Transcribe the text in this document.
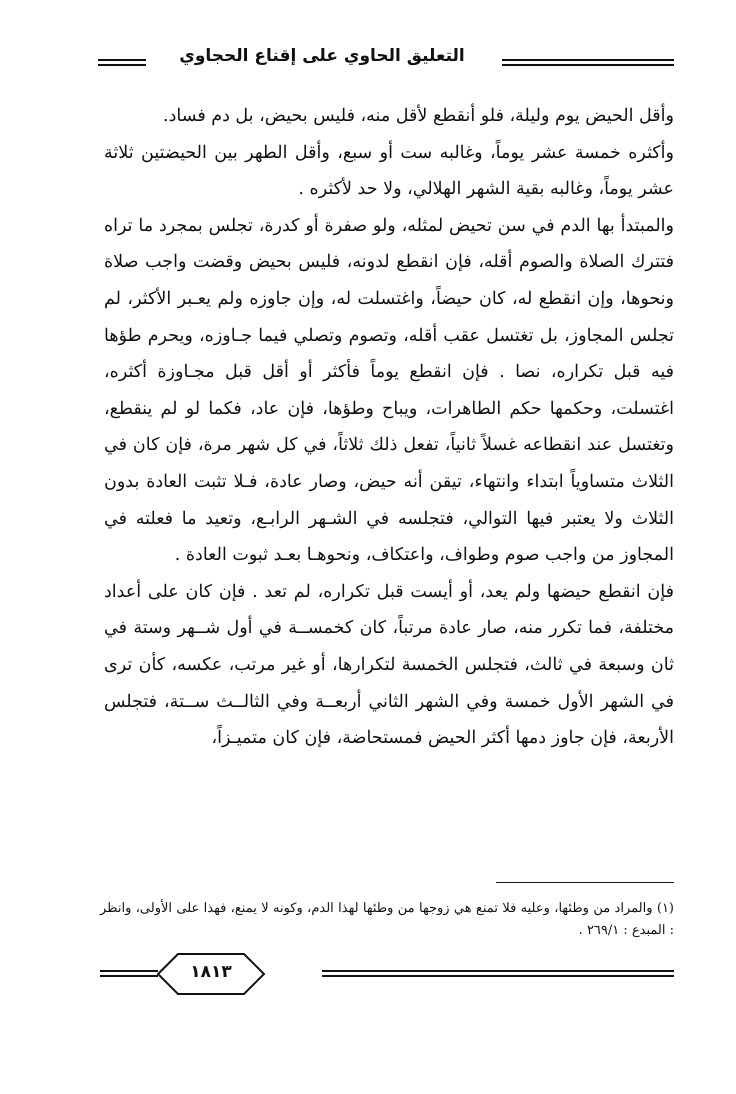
التعليق الحاوي على إقناع الحجاوي

وأقل الحيض يوم وليلة، فلو أنقطع لأقل منه، فليس بحيض، بل دم فساد.

وأكثره خمسة عشر يوماً، وغالبه ست أو سبع، وأقل الطهر بين الحيضتين ثلاثة عشر يوماً، وغالبه بقية الشهر الهلالي، ولا حد لأكثره .

والمبتدأ بها الدم في سن تحيض لمثله، ولو صفرة أو كدرة، تجلس بمجرد ما تراه فتترك الصلاة والصوم أقله، فإن انقطع لدونه، فليس بحيض وقضت واجب صلاة ونحوها، وإن انقطع له، كان حيضاً، واغتسلت له، وإن جاوزه ولم يعـبر الأكثر، لم تجلس المجاوز، بل تغتسل عقب أقله، وتصوم وتصلي فيما جـاوزه، ويحرم طؤها فيه قبل تكراره، نصا . فإن انقطع يوماً فأكثر أو أقل قبل مجـاوزة أكثره، اغتسلت، وحكمها حكم الطاهرات، ويباح وطؤها، فإن عاد، فكما لو لم ينقطع، وتغتسل عند انقطاعه غسلاً ثانياً، تفعل ذلك ثلاثاً، في كل شهر مرة، فإن كان في الثلاث متساوياً ابتداء وانتهاء، تيقن أنه حيض، وصار عادة، فـلا تثبت العادة بدون الثلاث ولا يعتبر فيها التوالي، فتجلسه في الشـهر الرابـع، وتعيد ما فعلته في المجاوز من واجب صوم وطواف، واعتكاف، ونحوهـا بعـد ثبوت العادة .

فإن انقطع حيضها ولم يعد، أو أيست قبل تكراره، لم تعد . فإن كان على أعداد مختلفة، فما تكرر منه، صار عادة مرتباً، كان كخمســة في أول شــهر وستة في ثان وسبعة في ثالث، فتجلس الخمسة لتكرارها، أو غير مرتب، عكسه، كأن ترى في الشهر الأول خمسة وفي الشهر الثاني أربعــة وفي الثالــث ســتة، فتجلس الأربعة، فإن جاوز دمها أكثر الحيض فمستحاضة، فإن كان متميـزاً،

(١) والمراد من وطئها، وعليه فلا تمنع هي زوجها من وطئها لهذا الدم، وكونه لا يمنع، فهذا على الأولى، وانظر : المبدع : ٢٦٩/١ .
١٨١٣
